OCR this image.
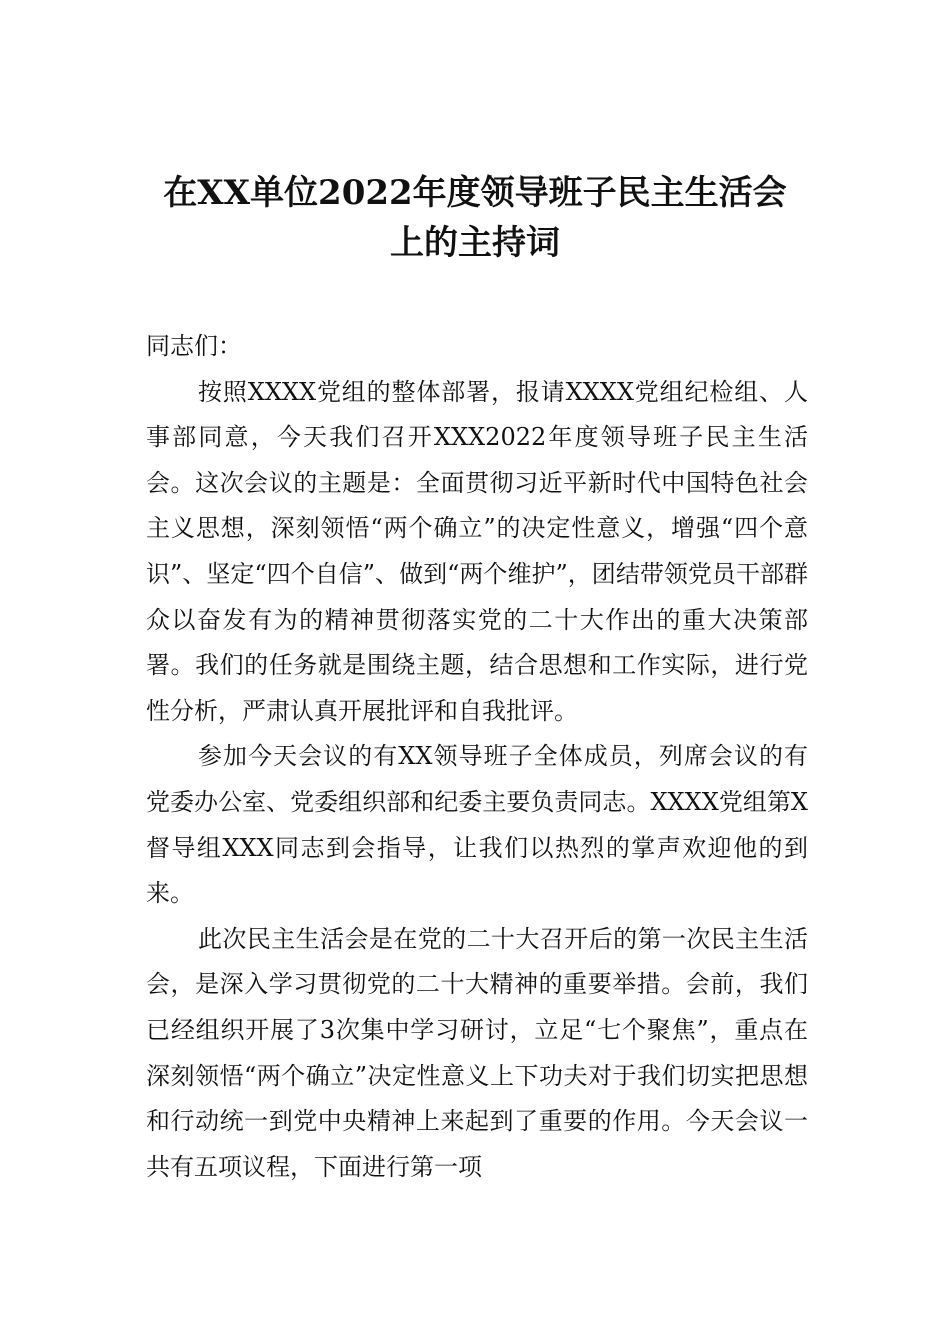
在XX单位2022年度领导班子民主生活会
上的主持词

同志们：

按照XXXX党组的整体部署，报请XXXX党组纪检组、人事部同意，今天我们召开XXX2022年度领导班子民主生活会。这次会议的主题是：全面贯彻习近平新时代中国特色社会主义思想，深刻领悟“两个确立”的决定性意义，增强“四个意识”、坚定“四个自信”、做到“两个维护”，团结带领党员干部群众以奋发有为的精神贯彻落实党的二十大作出的重大决策部署。我们的任务就是围绕主题，结合思想和工作实际，进行党性分析，严肃认真开展批评和自我批评。

参加今天会议的有XX领导班子全体成员，列席会议的有党委办公室、党委组织部和纪委主要负责同志。XXXX党组第X督导组XXX同志到会指导，让我们以热烈的掌声欢迎他的到来。

此次民主生活会是在党的二十大召开后的第一次民主生活会，是深入学习贯彻党的二十大精神的重要举措。会前，我们已经组织开展了3次集中学习研讨，立足“七个聚焦”，重点在深刻领悟“两个确立”决定性意义上下功夫对于我们切实把思想和行动统一到党中央精神上来起到了重要的作用。今天会议一共有五项议程，下面进行第一项
